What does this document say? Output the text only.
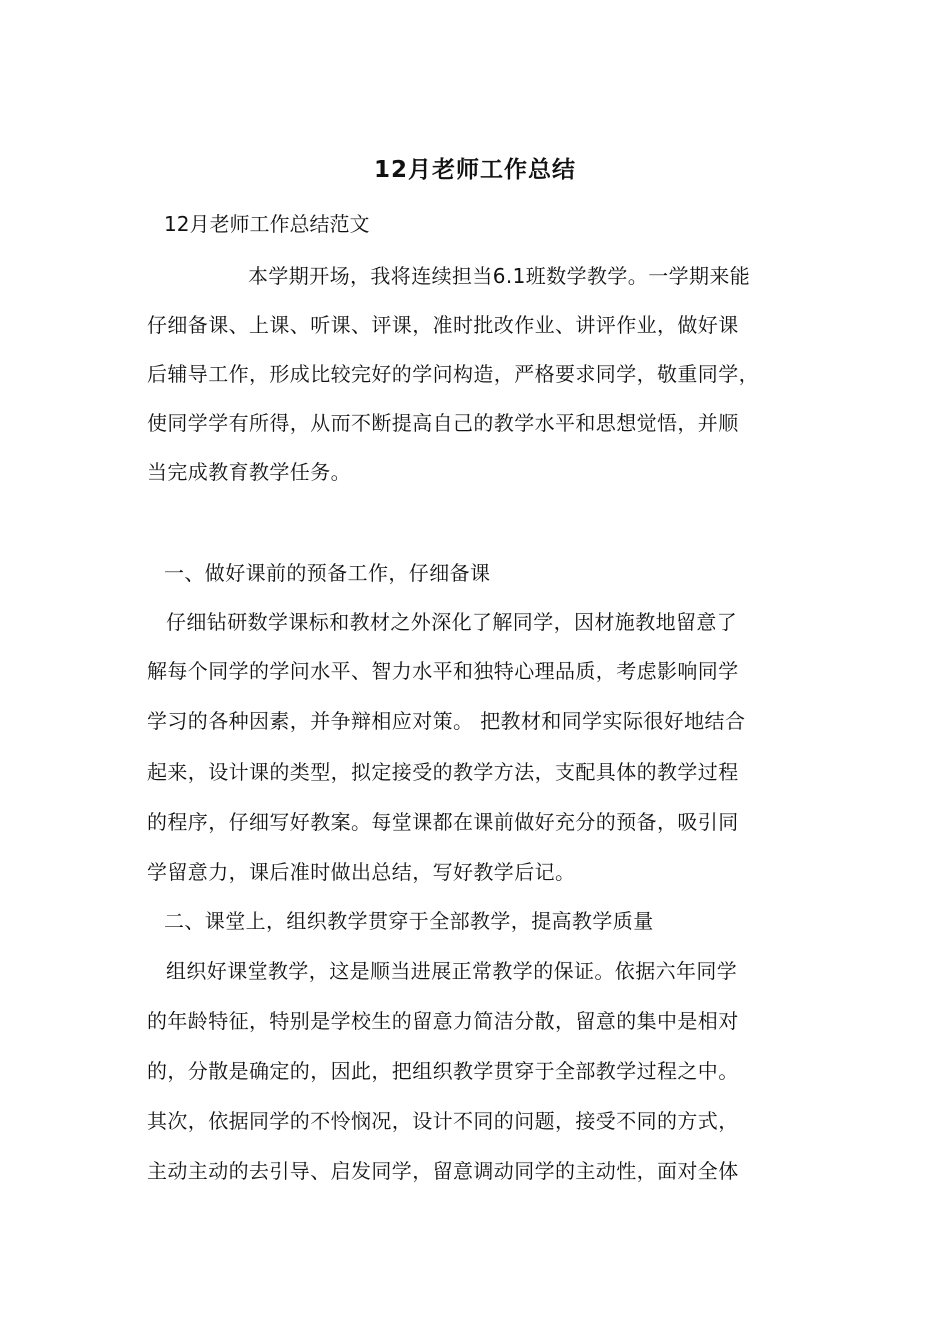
12月老师工作总结
12月老师工作总结范文
本学期开场，我将连续担当6.1班数学教学。一学期来能
仔细备课、上课、听课、评课，准时批改作业、讲评作业，做好课
后辅导工作，形成比较完好的学问构造，严格要求同学，敬重同学，
使同学学有所得，从而不断提高自己的教学水平和思想觉悟，并顺
当完成教育教学任务。
一、做好课前的预备工作，仔细备课
仔细钻研数学课标和教材之外深化了解同学，因材施教地留意了
解每个同学的学问水平、智力水平和独特心理品质，考虑影响同学
学习的各种因素，并争辩相应对策。 把教材和同学实际很好地结合
起来，设计课的类型，拟定接受的教学方法，支配具体的教学过程
的程序，仔细写好教案。每堂课都在课前做好充分的预备，吸引同
学留意力，课后准时做出总结，写好教学后记。
二、课堂上，组织教学贯穿于全部教学，提高教学质量
组织好课堂教学，这是顺当进展正常教学的保证。依据六年同学
的年龄特征，特别是学校生的留意力简洁分散，留意的集中是相对
的，分散是确定的，因此，把组织教学贯穿于全部教学过程之中。
其次，依据同学的不怜悯况，设计不同的问题，接受不同的方式，
主动主动的去引导、启发同学，留意调动同学的主动性，面对全体
